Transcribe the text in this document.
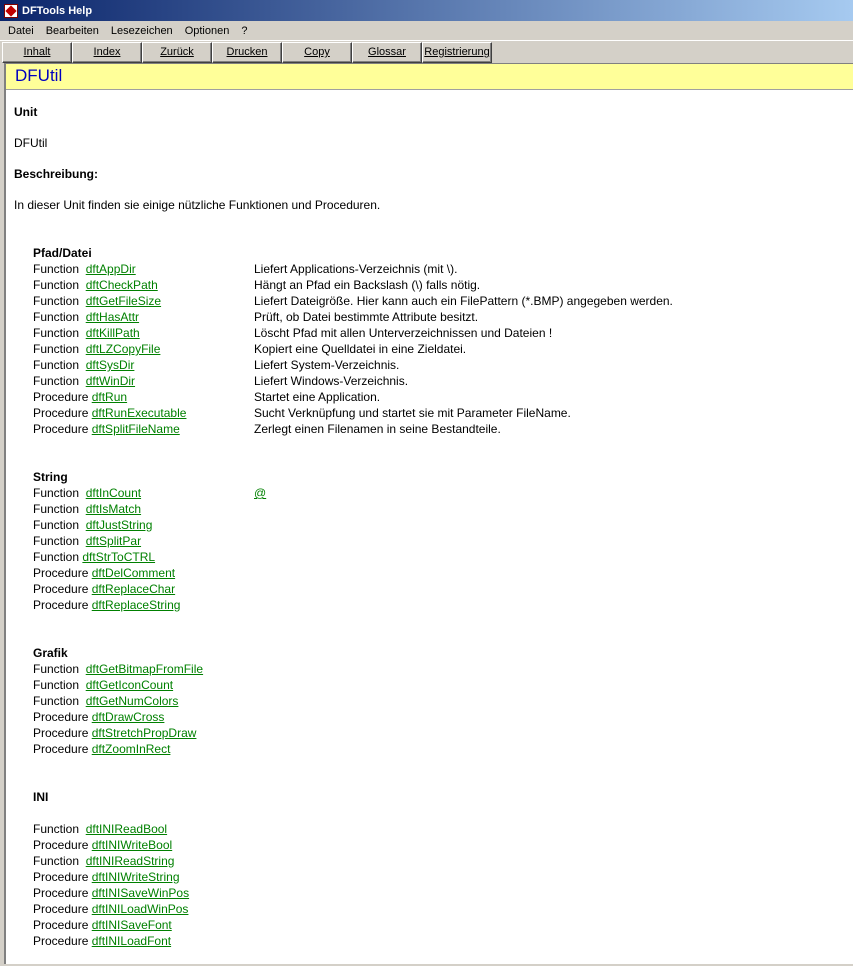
DFTools Help
Datei	Bearbeiten	Lesezeichen	Optionen	?
Inhalt	Index	Zurück	Drucken	Copy	Glossar	Registrierung
DFUtil
Unit
DFUtil
Beschreibung:
In dieser Unit finden sie einige nützliche Funktionen und Proceduren.
Pfad/Datei
Function  dftAppDir	Liefert Applications-Verzeichnis (mit \).
Function  dftCheckPath	Hängt an Pfad ein Backslash (\) falls nötig.
Function  dftGetFileSize	Liefert Dateigröße. Hier kann auch ein FilePattern (*.BMP) angegeben werden.
Function  dftHasAttr	Prüft, ob Datei bestimmte Attribute besitzt.
Function  dftKillPath	Löscht Pfad mit allen Unterverzeichnissen und Dateien !
Function  dftLZCopyFile	Kopiert eine Quelldatei in eine Zieldatei.
Function  dftSysDir	Liefert System-Verzeichnis.
Function  dftWinDir	Liefert Windows-Verzeichnis.
Procedure dftRun	Startet eine Application.
Procedure dftRunExecutable	Sucht Verknüpfung und startet sie mit Parameter FileName.
Procedure dftSplitFileName	Zerlegt einen Filenamen in seine Bestandteile.
String
Function  dftInCount	@
Function  dftIsMatch
Function  dftJustString
Function  dftSplitPar
Function dftStrToCTRL
Procedure dftDelComment
Procedure dftReplaceChar
Procedure dftReplaceString
Grafik
Function  dftGetBitmapFromFile
Function  dftGetIconCount
Function  dftGetNumColors
Procedure dftDrawCross
Procedure dftStretchPropDraw
Procedure dftZoomInRect
INI
Function  dftINIReadBool
Procedure dftINIWriteBool
Function  dftINIReadString
Procedure dftINIWriteString
Procedure dftINISaveWinPos
Procedure dftINILoadWinPos
Procedure dftINISaveFont
Procedure dftINILoadFont
